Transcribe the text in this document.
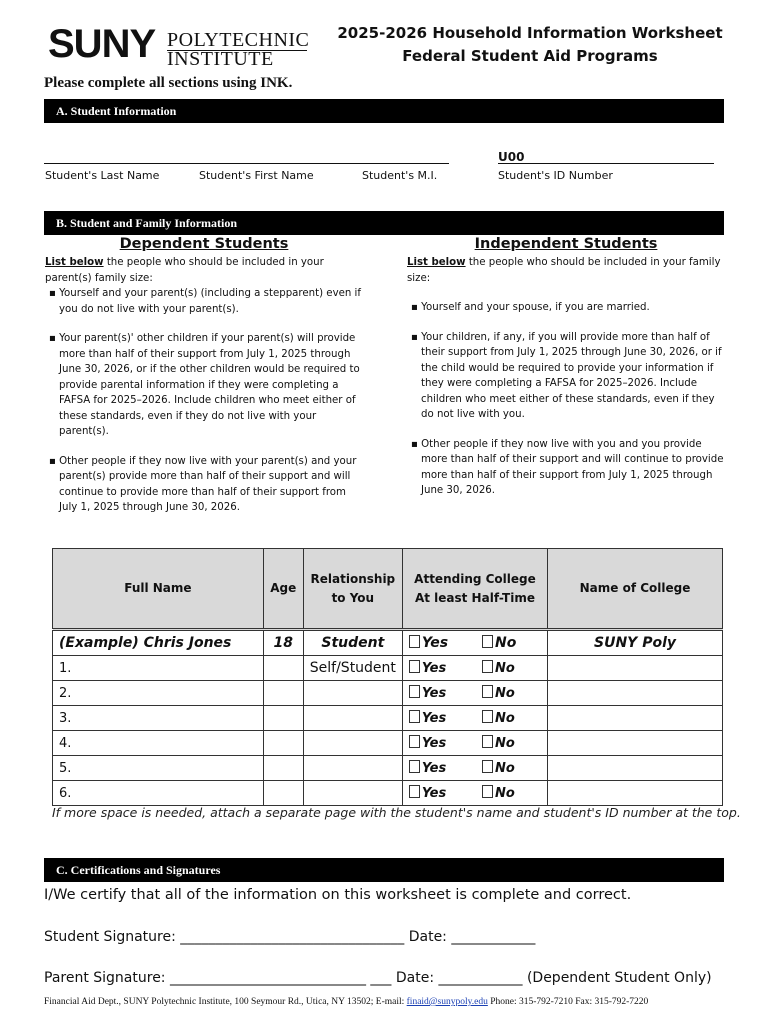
SUNY POLYTECHNIC
INSTITUTE
2025-2026 Household Information Worksheet
Federal Student Aid Programs
Please complete all sections using INK.
A. Student Information
U00
Student's Last Name	Student's First Name	Student's M.I.	Student's ID Number
B. Student and Family Information
Dependent Students	Independent Students
List below the people who should be included in your parent(s) family size:
▪ Yourself and your parent(s) (including a stepparent) even if you do not live with your parent(s).
▪ Your parent(s)' other children if your parent(s) will provide more than half of their support from July 1, 2025 through June 30, 2026, or if the other children would be required to provide parental information if they were completing a FAFSA for 2025–2026. Include children who meet either of these standards, even if they do not live with your parent(s).
▪ Other people if they now live with your parent(s) and your parent(s) provide more than half of their support and will continue to provide more than half of their support from July 1, 2025 through June 30, 2026.
List below the people who should be included in your family size:
▪ Yourself and your spouse, if you are married.
▪ Your children, if any, if you will provide more than half of their support from July 1, 2025 through June 30, 2026, or if the child would be required to provide your information if they were completing a FAFSA for 2025–2026. Include children who meet either of these standards, even if they do not live with you.
▪ Other people if they now live with you and you provide more than half of their support and will continue to provide more than half of their support from July 1, 2025 through June 30, 2026.
Full Name	Age	Relationship to You	Attending College At least Half-Time		Name of College
(Example) Chris Jones	18	Student	Yes	No	SUNY Poly
1.		Self/Student	Yes	No	
2.			Yes	No	
3.			Yes	No	
4.			Yes	No	
5.			Yes	No	
6.			Yes	No	
If more space is needed, attach a separate page with the student's name and student's ID number at the top.
C. Certifications and Signatures
I/We certify that all of the information on this worksheet is complete and correct.
Student Signature: ________________________________ Date: ____________
Parent Signature: ____________________________ ___ Date: ____________ (Dependent Student Only)
Financial Aid Dept., SUNY Polytechnic Institute, 100 Seymour Rd., Utica, NY 13502; E-mail: finaid@sunypoly.edu Phone: 315-792-7210 Fax: 315-792-7220
